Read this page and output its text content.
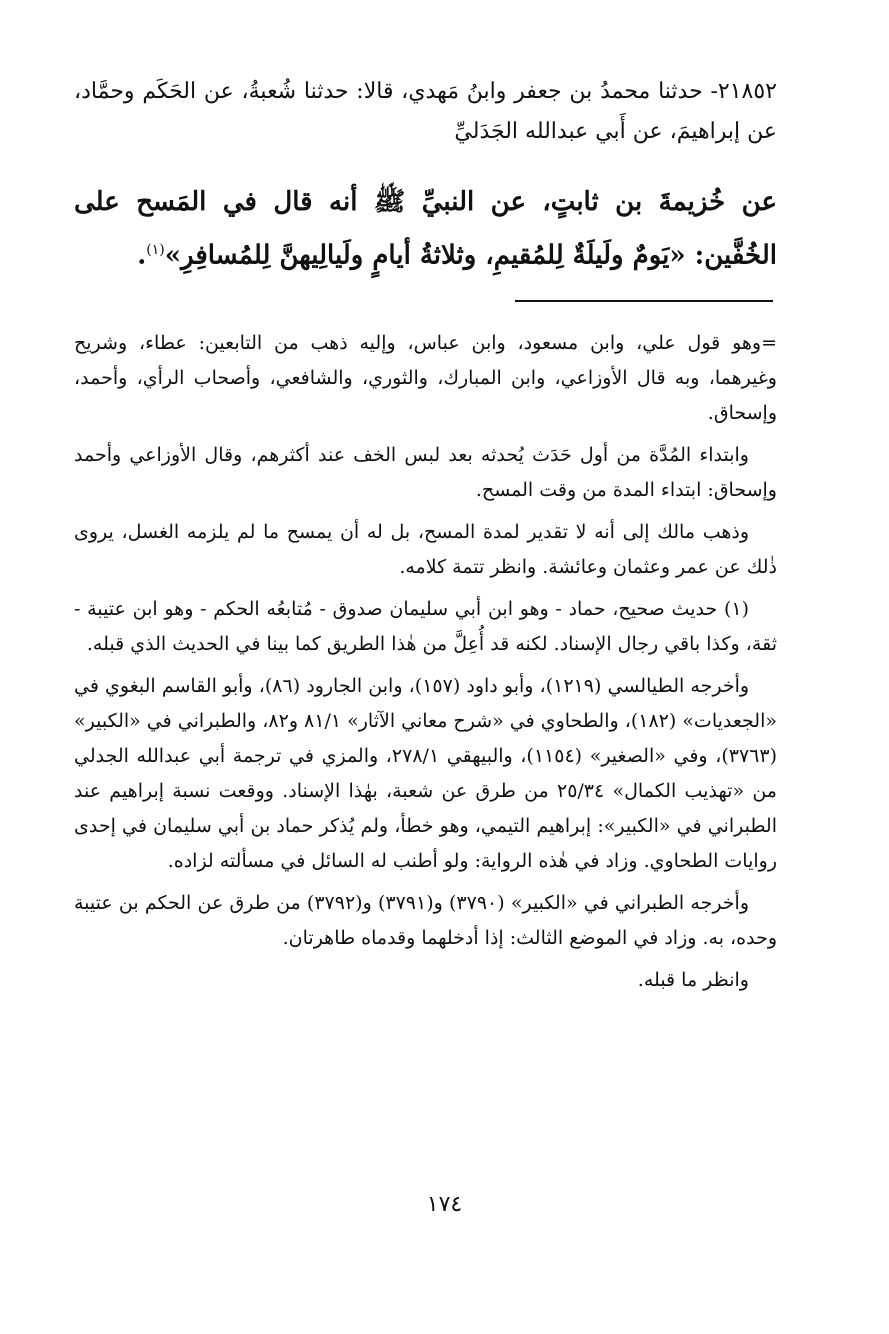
٢١٨٥٢- حدثنا محمدُ بن جعفر وابنُ مَهدي، قالا: حدثنا شُعبةُ، عن الحَكَم وحمَّاد، عن إبراهيمَ، عن أَبي عبدالله الجَدَليِّ
عن خُزيمةَ بن ثابتٍ، عن النبيِّ ﷺ أنه قال في المَسح على الخُفَّين: «يَومٌ ولَيلَةٌ لِلمُقيمِ، وثلاثةُ أيامٍ ولَيالِيهنَّ لِلمُسافِرِ»$^{(١)}$.

=وهو قول علي، وابن مسعود، وابن عباس، وإليه ذهب من التابعين: عطاء، وشريح وغيرهما، وبه قال الأوزاعي، وابن المبارك، والثوري، والشافعي، وأصحاب الرأي، وأحمد، وإسحاق.

وابتداء المُدَّة من أول حَدَث يُحدثه بعد لبس الخف عند أكثرهم، وقال الأوزاعي وأحمد وإسحاق: ابتداء المدة من وقت المسح.

وذهب مالك إلى أنه لا تقدير لمدة المسح، بل له أن يمسح ما لم يلزمه الغسل، يروى ذٰلك عن عمر وعثمان وعائشة. وانظر تتمة كلامه.

(١) حديث صحيح، حماد - وهو ابن أبي سليمان صدوق - مُتابعُه الحكم - وهو ابن عتيبة - ثقة، وكذا باقي رجال الإسناد. لكنه قد أُعِلَّ من هٰذا الطريق كما بينا في الحديث الذي قبله.

وأخرجه الطيالسي (١٢١٩)، وأبو داود (١٥٧)، وابن الجارود (٨٦)، وأبو القاسم البغوي في «الجعديات» (١٨٢)، والطحاوي في «شرح معاني الآثار» ٨١/١ و٨٢، والطبراني في «الكبير» (٣٧٦٣)، وفي «الصغير» (١١٥٤)، والبيهقي ٢٧٨/١، والمزي في ترجمة أبي عبدالله الجدلي من «تهذيب الكمال» ٢٥/٣٤ من طرق عن شعبة، بهٰذا الإسناد. ووقعت نسبة إبراهيم عند الطبراني في «الكبير»: إبراهيم التيمي، وهو خطأ، ولم يُذكر حماد بن أبي سليمان في إحدى روايات الطحاوي. وزاد في هٰذه الرواية: ولو أطنب له السائل في مسألته لزاده.

وأخرجه الطبراني في «الكبير» (٣٧٩٠) و(٣٧٩١) و(٣٧٩٢) من طرق عن الحكم بن عتيبة وحده، به. وزاد في الموضع الثالث: إذا أدخلهما وقدماه طاهرتان.

وانظر ما قبله.

١٧٤
